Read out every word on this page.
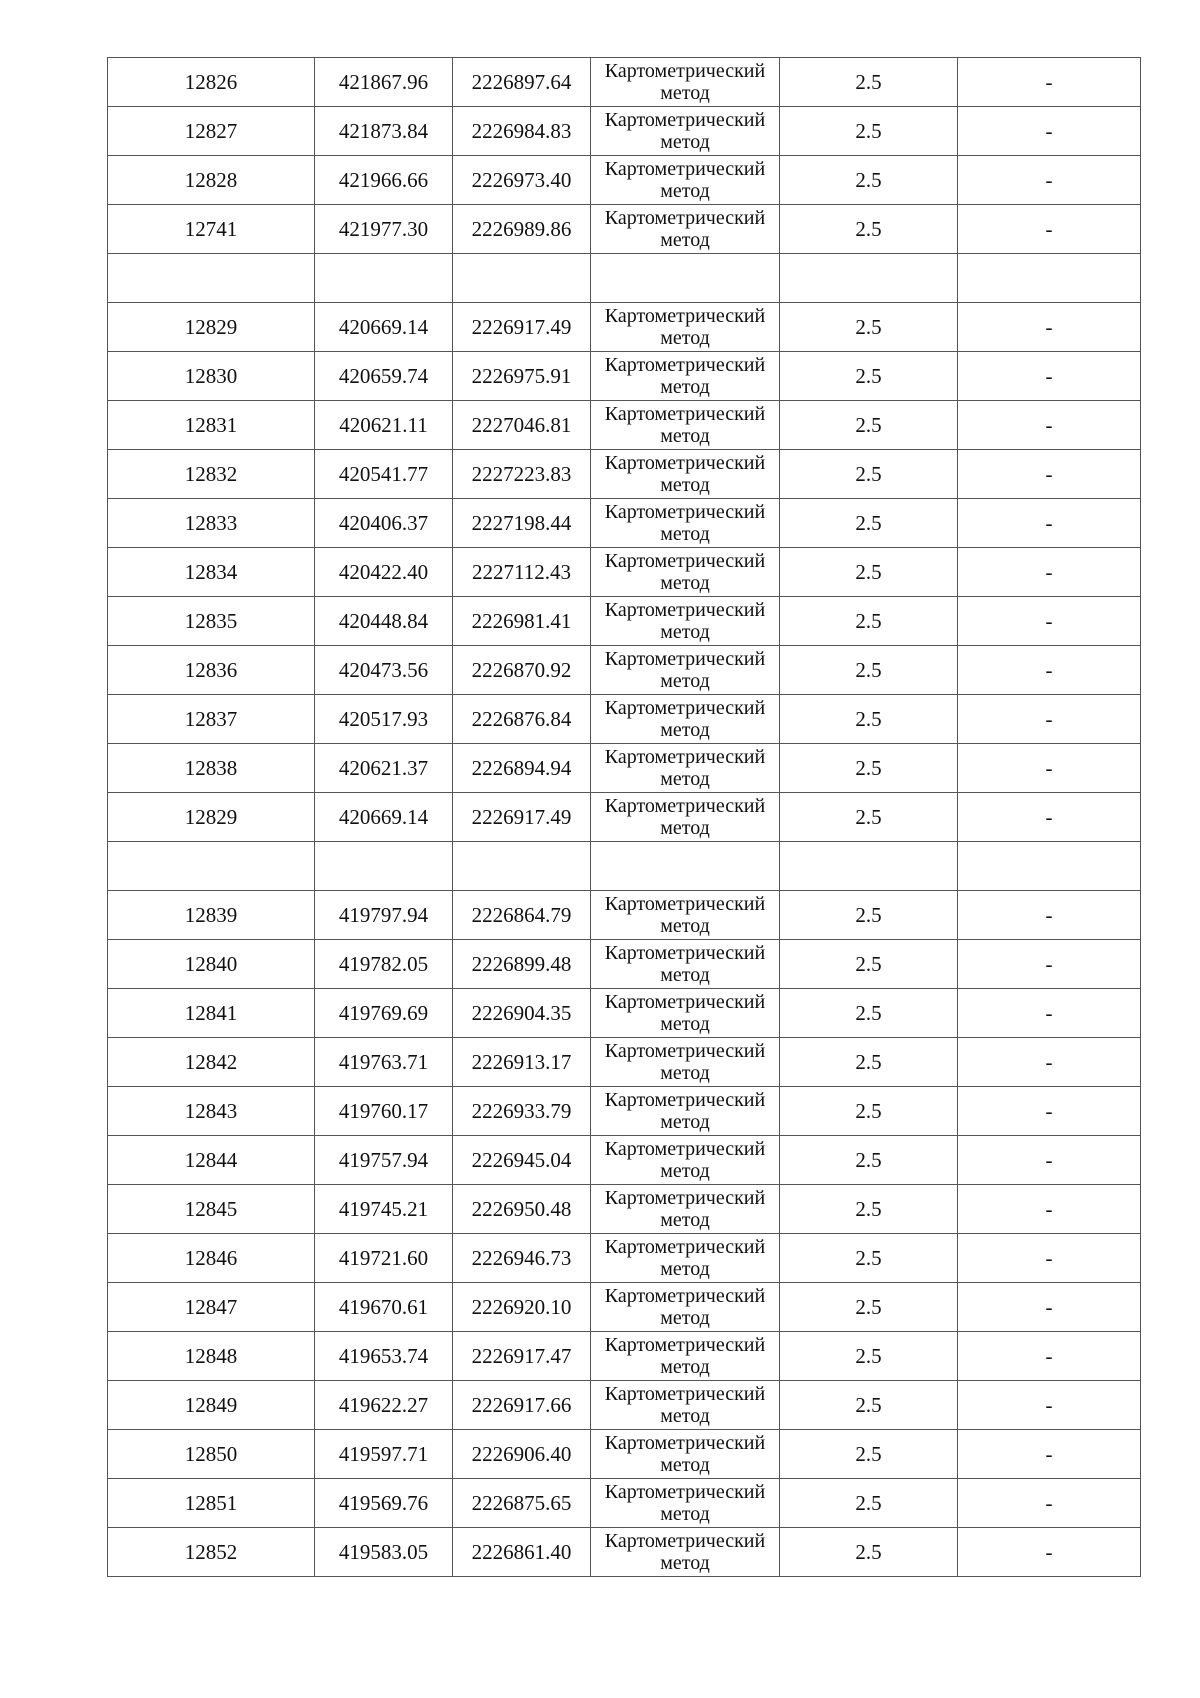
12826	421867.96	2226897.64	Картометрический метод	2.5	-
12827	421873.84	2226984.83	Картометрический метод	2.5	-
12828	421966.66	2226973.40	Картометрический метод	2.5	-
12741	421977.30	2226989.86	Картометрический метод	2.5	-

12829	420669.14	2226917.49	Картометрический метод	2.5	-
12830	420659.74	2226975.91	Картометрический метод	2.5	-
12831	420621.11	2227046.81	Картометрический метод	2.5	-
12832	420541.77	2227223.83	Картометрический метод	2.5	-
12833	420406.37	2227198.44	Картометрический метод	2.5	-
12834	420422.40	2227112.43	Картометрический метод	2.5	-
12835	420448.84	2226981.41	Картометрический метод	2.5	-
12836	420473.56	2226870.92	Картометрический метод	2.5	-
12837	420517.93	2226876.84	Картометрический метод	2.5	-
12838	420621.37	2226894.94	Картометрический метод	2.5	-
12829	420669.14	2226917.49	Картометрический метод	2.5	-

12839	419797.94	2226864.79	Картометрический метод	2.5	-
12840	419782.05	2226899.48	Картометрический метод	2.5	-
12841	419769.69	2226904.35	Картометрический метод	2.5	-
12842	419763.71	2226913.17	Картометрический метод	2.5	-
12843	419760.17	2226933.79	Картометрический метод	2.5	-
12844	419757.94	2226945.04	Картометрический метод	2.5	-
12845	419745.21	2226950.48	Картометрический метод	2.5	-
12846	419721.60	2226946.73	Картометрический метод	2.5	-
12847	419670.61	2226920.10	Картометрический метод	2.5	-
12848	419653.74	2226917.47	Картометрический метод	2.5	-
12849	419622.27	2226917.66	Картометрический метод	2.5	-
12850	419597.71	2226906.40	Картометрический метод	2.5	-
12851	419569.76	2226875.65	Картометрический метод	2.5	-
12852	419583.05	2226861.40	Картометрический метод	2.5	-
